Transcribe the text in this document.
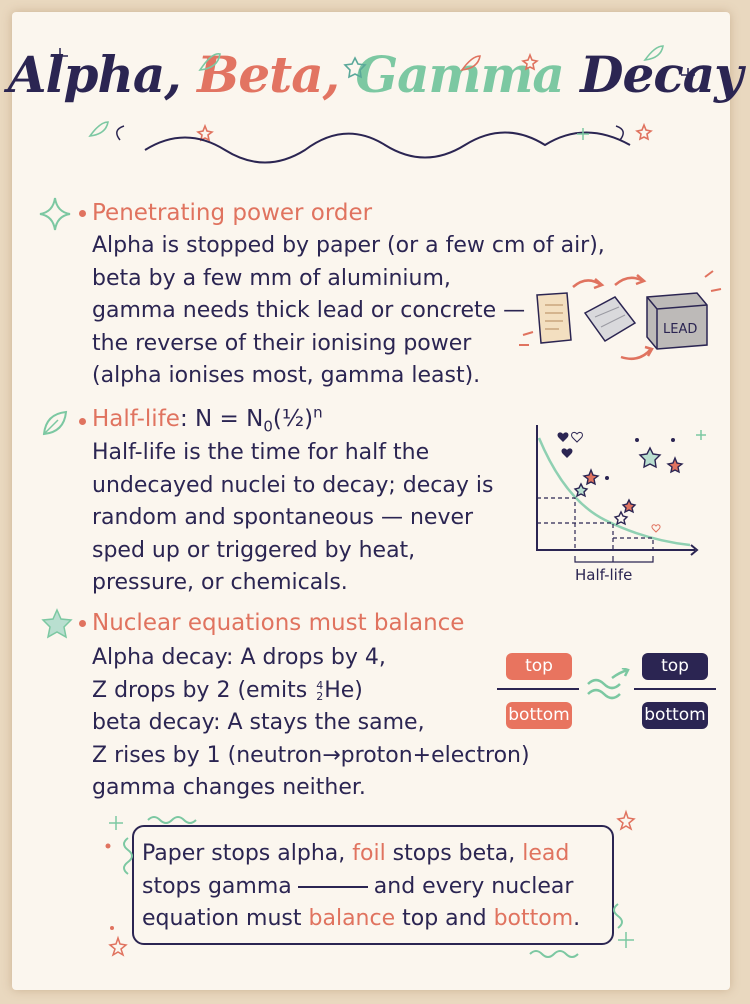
Alpha, Beta, Gamma Decay
Penetrating power order
Alpha is stopped by paper (or a few cm of air),
beta by a few mm of aluminium,
gamma needs thick lead or concrete —
the reverse of their ionising power
(alpha ionises most, gamma least).
LEAD
Half-life: $N = N_0(\frac{1}{2})^n$
Half-life is the time for half the
undecayed nuclei to decay; decay is
random and spontaneous — never
sped up or triggered by heat,
pressure, or chemicals.	Half-life
Nuclear equations must balance
Alpha decay: A drops by 4,
Z drops by 2 (emits 4
2He)
beta decay: A stays the same,
Z rises by 1 (neutron→proton+electron)
gamma changes neither.
top
bottom
top
bottom
Paper stops alpha, foil stops beta, lead
stops gamma	and every nuclear
equation must balance top and bottom.
